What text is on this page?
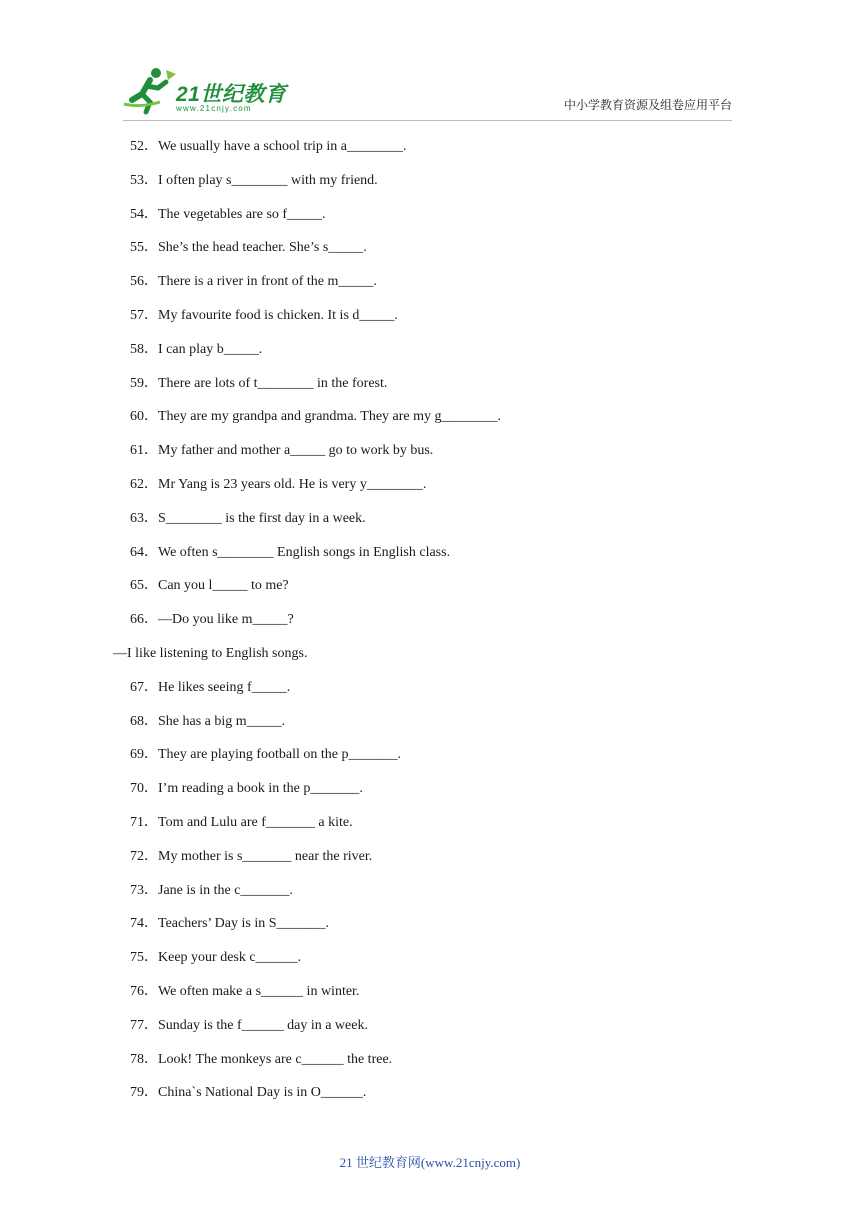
21世纪教育
www.21cnjy.com	中小学教育资源及组卷应用平台
52．We usually have a school trip in a________.
53．I often play s________ with my friend.
54．The vegetables are so f_____.
55．She’s the head teacher. She’s s_____.
56．There is a river in front of the m_____.
57．My favourite food is chicken. It is d_____.
58．I can play b_____.
59．There are lots of t________ in the forest.
60．They are my grandpa and grandma. They are my g________.
61．My father and mother a_____ go to work by bus.
62．Mr Yang is 23 years old. He is very y________.
63．S________ is the first day in a week.
64．We often s________ English songs in English class.
65．Can you l_____ to me?
66．—Do you like m_____?
—I like listening to English songs.
67．He likes seeing f_____.
68．She has a big m_____.
69．They are playing football on the p_______.
70．I’m reading a book in the p_______.
71．Tom and Lulu are f_______ a kite.
72．My mother is s_______ near the river.
73．Jane is in the c_______.
74．Teachers’ Day is in S_______.
75．Keep your desk c______.
76．We often make a s______ in winter.
77．Sunday is the f______ day in a week.
78．Look! The monkeys are c______ the tree.
79．China`s National Day is in O______.
21 世纪教育网(www.21cnjy.com)
